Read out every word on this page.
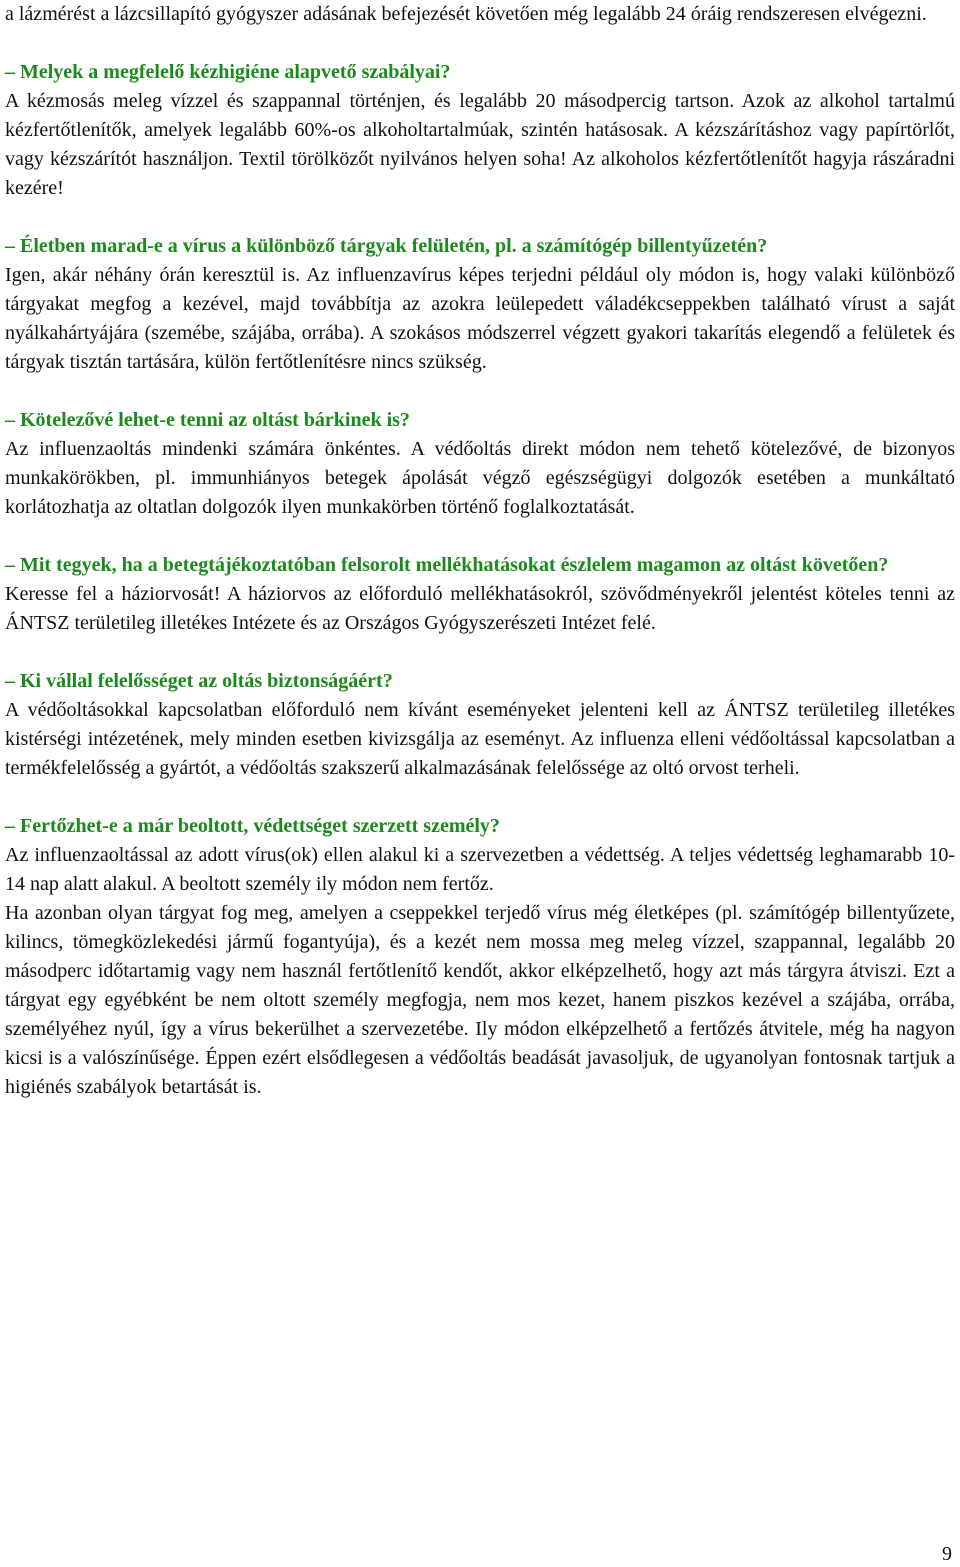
a lázmérést a lázcsillapító gyógyszer adásának befejezését követően még legalább 24 óráig rendszeresen elvégezni.

– Melyek a megfelelő kézhigiéne alapvető szabályai?

A kézmosás meleg vízzel és szappannal történjen, és legalább 20 másodpercig tartson. Azok az alkohol tartalmú kézfertőtlenítők, amelyek legalább 60%-os alkoholtartalmúak, szintén hatásosak. A kézszárításhoz vagy papírtörlőt, vagy kézszárítót használjon. Textil törölközőt nyilvános helyen soha! Az alkoholos kézfertőtlenítőt hagyja rászáradni kezére!

– Életben marad-e a vírus a különböző tárgyak felületén, pl. a számítógép billentyűzetén?

Igen, akár néhány órán keresztül is. Az influenzavírus képes terjedni például oly módon is, hogy valaki különböző tárgyakat megfog a kezével, majd továbbítja az azokra leülepedett váladékcseppekben található vírust a saját nyálkahártyájára (szemébe, szájába, orrába). A szokásos módszerrel végzett gyakori takarítás elegendő a felületek és tárgyak tisztán tartására, külön fertőtlenítésre nincs szükség.

– Kötelezővé lehet-e tenni az oltást bárkinek is?

Az influenzaoltás mindenki számára önkéntes. A védőoltás direkt módon nem tehető kötelezővé, de bizonyos munkakörökben, pl. immunhiányos betegek ápolását végző egészségügyi dolgozók esetében a munkáltató korlátozhatja az oltatlan dolgozók ilyen munkakörben történő foglalkoztatását.

– Mit tegyek, ha a betegtájékoztatóban felsorolt mellékhatásokat észlelem magamon az oltást követően?

Keresse fel a háziorvosát! A háziorvos az előforduló mellékhatásokról, szövődményekről jelentést köteles tenni az ÁNTSZ területileg illetékes Intézete és az Országos Gyógyszerészeti Intézet felé.

– Ki vállal felelősséget az oltás biztonságáért?

A védőoltásokkal kapcsolatban előforduló nem kívánt eseményeket jelenteni kell az ÁNTSZ területileg illetékes kistérségi intézetének, mely minden esetben kivizsgálja az eseményt. Az influenza elleni védőoltással kapcsolatban a termékfelelősség a gyártót, a védőoltás szakszerű alkalmazásának felelőssége az oltó orvost terheli.

– Fertőzhet-e a már beoltott, védettséget szerzett személy?

Az influenzaoltással az adott vírus(ok) ellen alakul ki a szervezetben a védettség. A teljes védettség leghamarabb 10-14 nap alatt alakul. A beoltott személy ily módon nem fertőz.

Ha azonban olyan tárgyat fog meg, amelyen a cseppekkel terjedő vírus még életképes (pl. számítógép billentyűzete, kilincs, tömegközlekedési jármű fogantyúja), és a kezét nem mossa meg meleg vízzel, szappannal, legalább 20 másodperc időtartamig vagy nem használ fertőtlenítő kendőt, akkor elképzelhető, hogy azt más tárgyra átviszi. Ezt a tárgyat egy egyébként be nem oltott személy megfogja, nem mos kezet, hanem piszkos kezével a szájába, orrába, személyéhez nyúl, így a vírus bekerülhet a szervezetébe. Ily módon elképzelhető a fertőzés átvitele, még ha nagyon kicsi is a valószínűsége. Éppen ezért elsődlegesen a védőoltás beadását javasoljuk, de ugyanolyan fontosnak tartjuk a higiénés szabályok betartását is.

9
